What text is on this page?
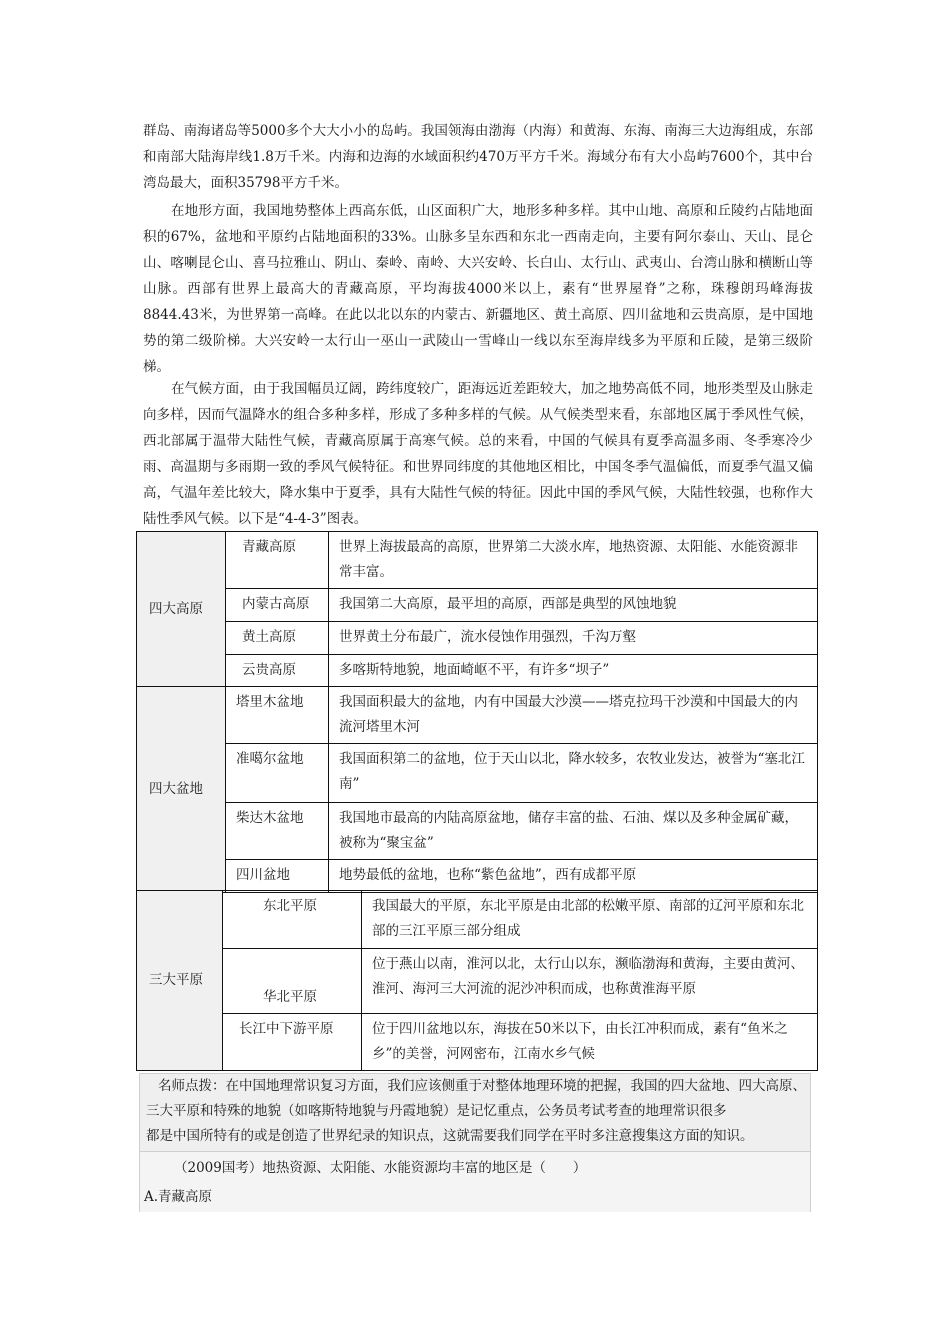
群岛、南海诸岛等5000多个大大小小的岛屿。我国领海由渤海（内海）和黄海、东海、南海三大边海组成，东部和南部大陆海岸线1.8万千米。内海和边海的水域面积约470万平方千米。海域分布有大小岛屿7600个，其中台湾岛最大，面积35798平方千米。

在地形方面，我国地势整体上西高东低，山区面积广大，地形多种多样。其中山地、高原和丘陵约占陆地面积的67%，盆地和平原约占陆地面积的33%。山脉多呈东西和东北一西南走向，主要有阿尔泰山、天山、昆仑山、喀喇昆仑山、喜马拉雅山、阴山、秦岭、南岭、大兴安岭、长白山、太行山、武夷山、台湾山脉和横断山等山脉。西部有世界上最高大的青藏高原，平均海拔4000米以上，素有“世界屋脊”之称，珠穆朗玛峰海拔8844.43米，为世界第一高峰。在此以北以东的内蒙古、新疆地区、黄土高原、四川盆地和云贵高原，是中国地势的第二级阶梯。大兴安岭一太行山一巫山一武陵山一雪峰山一线以东至海岸线多为平原和丘陵，是第三级阶梯。

在气候方面，由于我国幅员辽阔，跨纬度较广，距海远近差距较大，加之地势高低不同，地形类型及山脉走向多样，因而气温降水的组合多种多样，形成了多种多样的气候。从气候类型来看，东部地区属于季风性气候，西北部属于温带大陆性气候，青藏高原属于高寒气候。总的来看，中国的气候具有夏季高温多雨、冬季寒冷少雨、高温期与多雨期一致的季风气候特征。和世界同纬度的其他地区相比，中国冬季气温偏低，而夏季气温又偏高，气温年差比较大，降水集中于夏季，具有大陆性气候的特征。因此中国的季风气候，大陆性较强，也称作大陆性季风气候。以下是“4-4-3”图表。

四大高原	青藏高原	世界上海拔最高的高原，世界第二大淡水库，地热资源、太阳能、水能资源非常丰富。
	内蒙古高原	我国第二大高原，最平坦的高原，西部是典型的风蚀地貌
	黄土高原	世界黄土分布最广，流水侵蚀作用强烈，千沟万壑
	云贵高原	多喀斯特地貌，地面崎岖不平，有许多“坝子”
四大盆地	塔里木盆地	我国面积最大的盆地，内有中国最大沙漠——塔克拉玛干沙漠和中国最大的内流河塔里木河
	准噶尔盆地	我国面积第二的盆地，位于天山以北，降水较多，农牧业发达，被誉为“塞北江南”
	柴达木盆地	我国地市最高的内陆高原盆地，储存丰富的盐、石油、煤以及多种金属矿藏，被称为“聚宝盆”
	四川盆地	地势最低的盆地，也称“紫色盆地”，西有成都平原
三大平原	东北平原	我国最大的平原，东北平原是由北部的松嫩平原、南部的辽河平原和东北部的三江平原三部分组成
	华北平原	位于燕山以南，淮河以北，太行山以东，濒临渤海和黄海，主要由黄河、淮河、海河三大河流的泥沙冲积而成，也称黄淮海平原
	长江中下游平原	位于四川盆地以东，海拔在50米以下，由长江冲积而成，素有“鱼米之乡”的美誉，河网密布，江南水乡气候
名师点拨：在中国地理常识复习方面，我们应该侧重于对整体地理环境的把握，我国的四大盆地、四大高原、三大平原和特殊的地貌（如喀斯特地貌与丹霞地貌）是记忆重点，公务员考试考查的地理常识很多
都是中国所特有的或是创造了世界纪录的知识点，这就需要我们同学在平时多注意搜集这方面的知识。
（2009国考）地热资源、太阳能、水能资源均丰富的地区是（　　）
A.青藏高原
